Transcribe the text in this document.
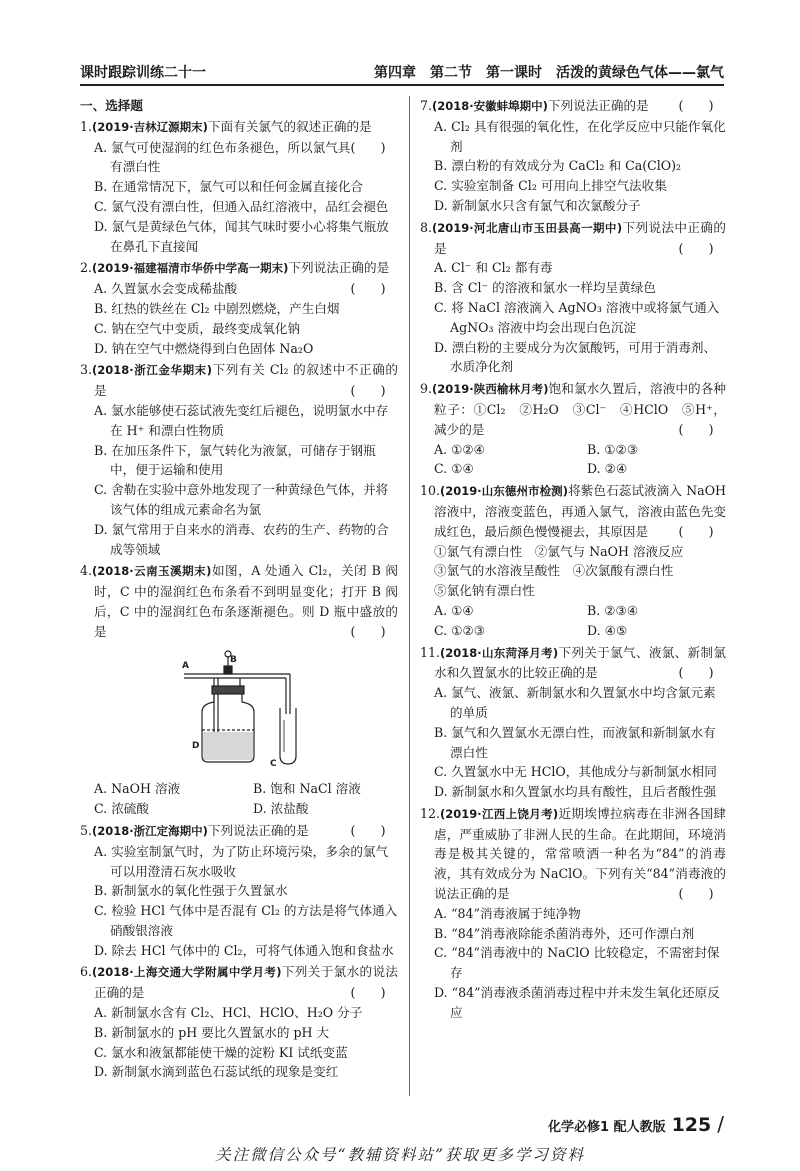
课时跟踪训练二十一	第四章　第二节　第一课时　活泼的黄绿色气体——氯气
一、选择题
1.(2019·吉林辽源期末)下面有关氯气的叙述正确的是
(　　)
A. 氯气可使湿润的红色布条褪色，所以氯气具有漂白性
B. 在通常情况下，氯气可以和任何金属直接化合
C. 氯气没有漂白性，但通入品红溶液中，品红会褪色
D. 氯气是黄绿色气体，闻其气味时要小心将集气瓶放在鼻孔下直接闻
2.(2019·福建福清市华侨中学高一期末)下列说法正确的是
(　　)
A. 久置氯水会变成稀盐酸
B. 红热的铁丝在 Cl₂ 中剧烈燃烧，产生白烟
C. 钠在空气中变质，最终变成氧化钠
D. 钠在空气中燃烧得到白色固体 Na₂O
3.(2018·浙江金华期末)下列有关 Cl₂ 的叙述中不正确的是	(　　)
A. 氯水能够使石蕊试液先变红后褪色，说明氯水中存在 H⁺ 和漂白性物质
B. 在加压条件下，氯气转化为液氯，可储存于钢瓶中，便于运输和使用
C. 舍勒在实验中意外地发现了一种黄绿色气体，并将该气体的组成元素命名为氯
D. 氯气常用于自来水的消毒、农药的生产、药物的合成等领域
4.(2018·云南玉溪期末)如图，A 处通入 Cl₂，关闭 B 阀时，C 中的湿润红色布条看不到明显变化；打开 B 阀后，C 中的湿润红色布条逐渐褪色。则 D 瓶中盛放的是	(　　)
A
B
C
D
A. NaOH 溶液	B. 饱和 NaCl 溶液
C. 浓硫酸	D. 浓盐酸
5.(2018·浙江定海期中)下列说法正确的是	(　　)
A. 实验室制氯气时，为了防止环境污染，多余的氯气可以用澄清石灰水吸收
B. 新制氯水的氧化性强于久置氯水
C. 检验 HCl 气体中是否混有 Cl₂ 的方法是将气体通入硝酸银溶液
D. 除去 HCl 气体中的 Cl₂，可将气体通入饱和食盐水
6.(2018·上海交通大学附属中学月考)下列关于氯水的说法正确的是	(　　)
A. 新制氯水含有 Cl₂、HCl、HClO、H₂O 分子
B. 新制氯水的 pH 要比久置氯水的 pH 大
C. 氯水和液氯都能使干燥的淀粉 KI 试纸变蓝
D. 新制氯水滴到蓝色石蕊试纸的现象是变红
7.(2018·安徽蚌埠期中)下列说法正确的是 (　　)
A. Cl₂ 具有很强的氧化性，在化学反应中只能作氧化剂
B. 漂白粉的有效成分为 CaCl₂ 和 Ca(ClO)₂
C. 实验室制备 Cl₂ 可用向上排空气法收集
D. 新制氯水只含有氯气和次氯酸分子
8.(2019·河北唐山市玉田县高一期中)下列说法中正确的是	(　　)
A. Cl⁻ 和 Cl₂ 都有毒
B. 含 Cl⁻ 的溶液和氯水一样均呈黄绿色
C. 将 NaCl 溶液滴入 AgNO₃ 溶液中或将氯气通入 AgNO₃ 溶液中均会出现白色沉淀
D. 漂白粉的主要成分为次氯酸钙，可用于消毒剂、水质净化剂
9.(2019·陕西榆林月考)饱和氯水久置后，溶液中的各种粒子：①Cl₂　②H₂O　③Cl⁻　④HClO　⑤H⁺，减少的是	(　　)
A. ①②④	B. ①②③
C. ①④	D. ②④
10.(2019·山东德州市检测)将紫色石蕊试液滴入 NaOH 溶液中，溶液变蓝色，再通入氯气，溶液由蓝色先变成红色，最后颜色慢慢褪去，其原因是 (　　)
①氯气有漂白性　②氯气与 NaOH 溶液反应
③氯气的水溶液呈酸性　④次氯酸有漂白性
⑤氯化钠有漂白性
A. ①④	B. ②③④
C. ①②③	D. ④⑤
11.(2018·山东菏泽月考)下列关于氯气、液氯、新制氯水和久置氯水的比较正确的是	(　　)
A. 氯气、液氯、新制氯水和久置氯水中均含氯元素的单质
B. 氯气和久置氯水无漂白性，而液氯和新制氯水有漂白性
C. 久置氯水中无 HClO，其他成分与新制氯水相同
D. 新制氯水和久置氯水均具有酸性，且后者酸性强
12.(2019·江西上饶月考)近期埃博拉病毒在非洲各国肆虐，严重威胁了非洲人民的生命。在此期间，环境消毒是极其关键的，常常喷洒一种名为“84”的消毒液，其有效成分为 NaClO。下列有关“84”消毒液的说法正确的是	(　　)
A. “84”消毒液属于纯净物
B. “84”消毒液除能杀菌消毒外，还可作漂白剂
C. “84”消毒液中的 NaClO 比较稳定，不需密封保存
D. “84”消毒液杀菌消毒过程中并未发生氧化还原反应
化学必修1 配人教版 125 /
关注微信公众号“教辅资料站”获取更多学习资料
